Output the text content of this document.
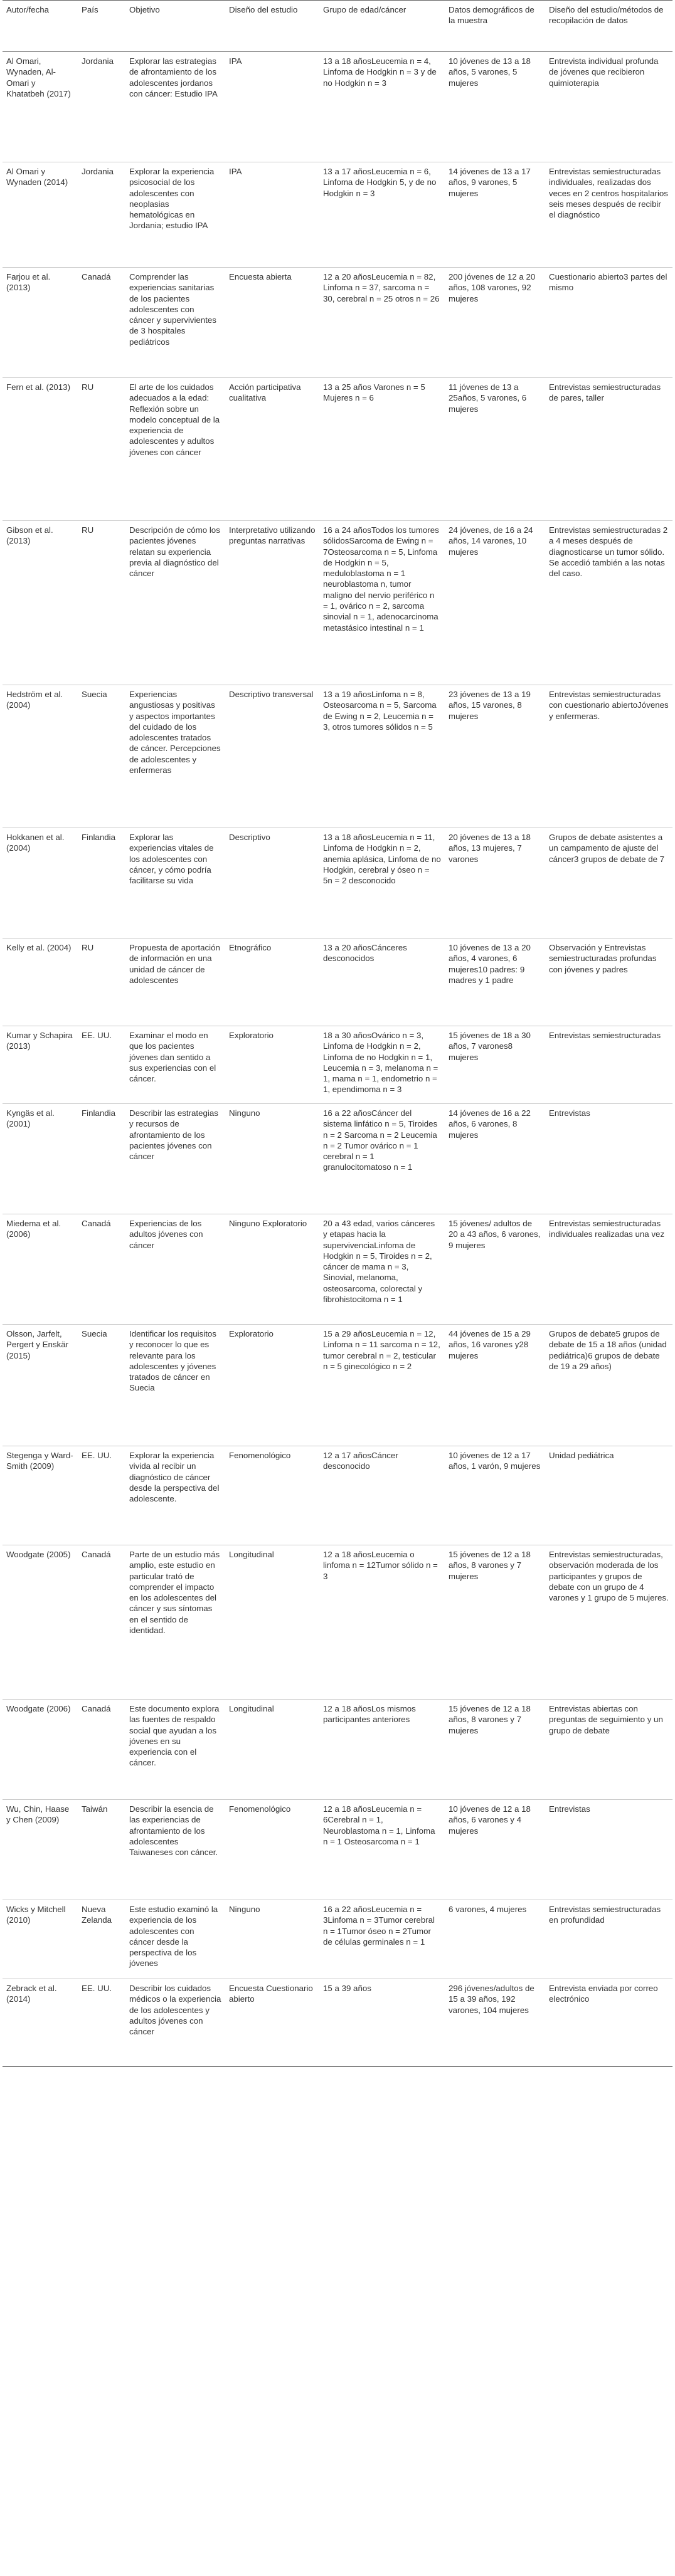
Autor/fecha	País	Objetivo	Diseño del estudio	Grupo de edad/cáncer	Datos demográficos de la muestra	Diseño del estudio/métodos de recopilación de datos
Al Omari, Wynaden, Al-Omari y Khatatbeh (2017)	Jordania	Explorar las estrategias de afrontamiento de los adolescentes jordanos con cáncer: Estudio IPA	IPA	13 a 18 añosLeucemia n = 4, Linfoma de Hodgkin n = 3 y de no Hodgkin n = 3	10 jóvenes de 13 a 18 años, 5 varones, 5 mujeres	Entrevista individual profunda de jóvenes que recibieron quimioterapia
Al Omari y Wynaden (2014)	Jordania	Explorar la experiencia psicosocial de los adolescentes con neoplasias hematológicas en Jordania; estudio IPA	IPA	13 a 17 añosLeucemia n = 6, Linfoma de Hodgkin 5, y de no Hodgkin n = 3	14 jóvenes de 13 a 17 años, 9 varones, 5 mujeres	Entrevistas semiestructuradas individuales, realizadas dos veces en 2 centros hospitalarios seis meses después de recibir el diagnóstico
Farjou et al. (2013)	Canadá	Comprender las experiencias sanitarias de los pacientes adolescentes con cáncer y supervivientes de 3 hospitales pediátricos	Encuesta abierta	12 a 20 añosLeucemia n = 82, Linfoma n = 37, sarcoma n = 30, cerebral n = 25 otros n = 26	200 jóvenes de 12 a 20 años, 108 varones, 92 mujeres	Cuestionario abierto3 partes del mismo
Fern et al. (2013)	RU	El arte de los cuidados adecuados a la edad: Reflexión sobre un modelo conceptual de la experiencia de adolescentes y adultos jóvenes con cáncer	Acción participativa cualitativa	13 a 25 años Varones n = 5 Mujeres n = 6	11 jóvenes de 13 a 25años, 5 varones, 6 mujeres	Entrevistas semiestructuradas de pares, taller
Gibson et al. (2013)	RU	Descripción de cómo los pacientes jóvenes relatan su experiencia previa al diagnóstico del cáncer	Interpretativo utilizando preguntas narrativas	16 a 24 añosTodos los tumores sólidosSarcoma de Ewing n = 7Osteosarcoma n = 5, Linfoma de Hodgkin n = 5, meduloblastoma n = 1 neuroblastoma n, tumor maligno del nervio periférico n = 1, ovárico n = 2, sarcoma sinovial n = 1, adenocarcinoma metastásico intestinal n = 1	24 jóvenes, de 16 a 24 años, 14 varones, 10 mujeres	Entrevistas semiestructuradas 2 a 4 meses después de diagnosticarse un tumor sólido. Se accedió también a las notas del caso.
Hedström et al. (2004)	Suecia	Experiencias angustiosas y positivas y aspectos importantes del cuidado de los adolescentes tratados de cáncer. Percepciones de adolescentes y enfermeras	Descriptivo transversal	13 a 19 añosLinfoma n = 8, Osteosarcoma n = 5, Sarcoma de Ewing n = 2, Leucemia n = 3, otros tumores sólidos n = 5	23 jóvenes de 13 a 19 años, 15 varones, 8 mujeres	Entrevistas semiestructuradas con cuestionario abiertoJóvenes y enfermeras.
Hokkanen et al. (2004)	Finlandia	Explorar las experiencias vitales de los adolescentes con cáncer, y cómo podría facilitarse su vida	Descriptivo	13 a 18 añosLeucemia n = 11, Linfoma de Hodgkin n = 2, anemia aplásica, Linfoma de no Hodgkin, cerebral y óseo n = 5n = 2 desconocido	20 jóvenes de 13 a 18 años, 13 mujeres, 7 varones	Grupos de debate asistentes a un campamento de ajuste del cáncer3 grupos de debate de 7
Kelly et al. (2004)	RU	Propuesta de aportación de información en una unidad de cáncer de adolescentes	Etnográfico	13 a 20 añosCánceres desconocidos	10 jóvenes de 13 a 20 años, 4 varones, 6 mujeres10 padres: 9 madres y 1 padre	Observación y Entrevistas semiestructuradas profundas con jóvenes y padres
Kumar y Schapira (2013)	EE. UU.	Examinar el modo en que los pacientes jóvenes dan sentido a sus experiencias con el cáncer.	Exploratorio	18 a 30 añosOvárico n = 3, Linfoma de Hodgkin n = 2, Linfoma de no Hodgkin n = 1, Leucemia n = 3, melanoma n = 1, mama n = 1, endometrio n = 1, ependimoma n = 3	15 jóvenes de 18 a 30 años, 7 varones8 mujeres	Entrevistas semiestructuradas
Kyngäs et al. (2001)	Finlandia	Describir las estrategias y recursos de afrontamiento de los pacientes jóvenes con cáncer	Ninguno	16 a 22 añosCáncer del sistema linfático n = 5, Tiroides n = 2 Sarcoma n = 2 Leucemia n = 2 Tumor ovárico n = 1 cerebral n = 1 granulocitomatoso n = 1	14 jóvenes de 16 a 22 años, 6 varones, 8 mujeres	Entrevistas
Miedema et al. (2006)	Canadá	Experiencias de los adultos jóvenes con cáncer	Ninguno Exploratorio	20 a 43 edad, varios cánceres y etapas hacia la supervivenciaLinfoma de Hodgkin n = 5, Tiroides n = 2, cáncer de mama n = 3, Sinovial, melanoma, osteosarcoma, colorectal y fibrohistocitoma n = 1	15 jóvenes/ adultos de 20 a 43 años, 6 varones, 9 mujeres	Entrevistas semiestructuradas individuales realizadas una vez
Olsson, Jarfelt, Pergert y Enskär (2015)	Suecia	Identificar los requisitos y reconocer lo que es relevante para los adolescentes y jóvenes tratados de cáncer en Suecia	Exploratorio	15 a 29 añosLeucemia n = 12, Linfoma n = 11 sarcoma n = 12, tumor cerebral n = 2, testicular n = 5 ginecológico n = 2	44 jóvenes de 15 a 29 años, 16 varones y28 mujeres	Grupos de debate5 grupos de debate de 15 a 18 años (unidad pediátrica)6 grupos de debate de 19 a 29 años)
Stegenga y Ward-Smith (2009)	EE. UU.	Explorar la experiencia vivida al recibir un diagnóstico de cáncer desde la perspectiva del adolescente.	Fenomenológico	12 a 17 añosCáncer desconocido	10 jóvenes de 12 a 17 años, 1 varón, 9 mujeres	Unidad pediátrica
Woodgate (2005)	Canadá	Parte de un estudio más amplio, este estudio en particular trató de comprender el impacto en los adolescentes del cáncer y sus síntomas en el sentido de identidad.	Longitudinal	12 a 18 añosLeucemia o linfoma n = 12Tumor sólido n = 3	15 jóvenes de 12 a 18 años, 8 varones y 7 mujeres	Entrevistas semiestructuradas, observación moderada de los participantes y grupos de debate con un grupo de 4 varones y 1 grupo de 5 mujeres.
Woodgate (2006)	Canadá	Este documento explora las fuentes de respaldo social que ayudan a los jóvenes en su experiencia con el cáncer.	Longitudinal	12 a 18 añosLos mismos participantes anteriores	15 jóvenes de 12 a 18 años, 8 varones y 7 mujeres	Entrevistas abiertas con preguntas de seguimiento y un grupo de debate
Wu, Chin, Haase y Chen (2009)	Taiwán	Describir la esencia de las experiencias de afrontamiento de los adolescentes Taiwaneses con cáncer.	Fenomenológico	12 a 18 añosLeucemia n = 6Cerebral n = 1, Neuroblastoma n = 1, Linfoma n = 1 Osteosarcoma n = 1	10 jóvenes de 12 a 18 años, 6 varones y 4 mujeres	Entrevistas
Wicks y Mitchell (2010)	Nueva Zelanda	Este estudio examinó la experiencia de los adolescentes con cáncer desde la perspectiva de los jóvenes	Ninguno	16 a 22 añosLeucemia n = 3Linfoma n = 3Tumor cerebral n = 1Tumor óseo n = 2Tumor de células germinales n = 1	6 varones, 4 mujeres	Entrevistas semiestructuradas en profundidad
Zebrack et al. (2014)	EE. UU.	Describir los cuidados médicos o la experiencia de los adolescentes y adultos jóvenes con cáncer	Encuesta Cuestionario abierto	15 a 39 años	296 jóvenes/adultos de 15 a 39 años, 192 varones, 104 mujeres	Entrevista enviada por correo electrónico
